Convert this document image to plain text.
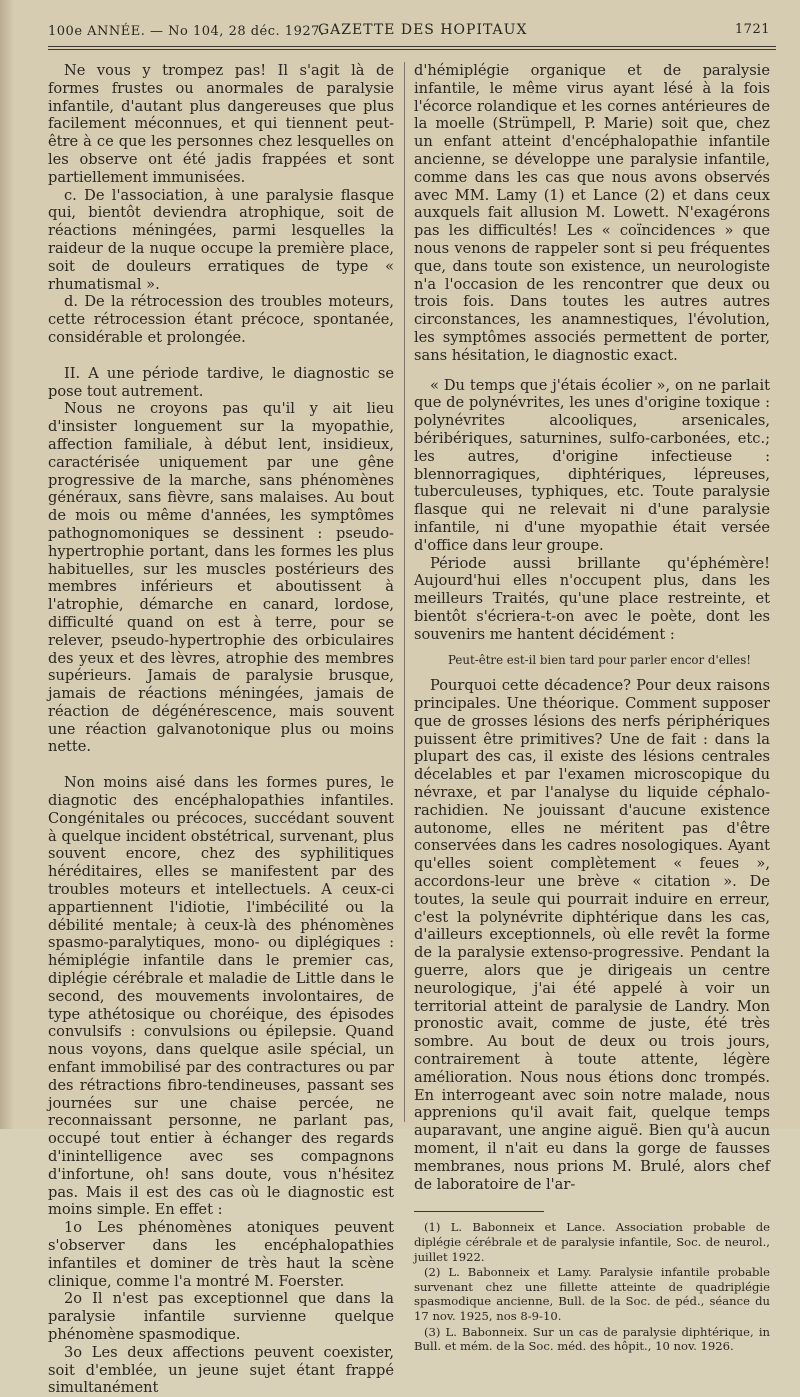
100e ANNÉE. — No 104, 28 déc. 1927.
GAZETTE DES HOPITAUX	1721

Ne vous y trompez pas! Il s'agit là de formes frustes ou anormales de paralysie infantile, d'autant plus dangereuses que plus facilement méconnues, et qui tiennent peut-être à ce que les personnes chez lesquelles on les observe ont été jadis frappées et sont partiellement immunisées.

c. De l'association, à une paralysie flasque qui, bientôt deviendra atrophique, soit de réactions méningées, parmi lesquelles la raideur de la nuque occupe la première place, soit de douleurs erratiques de type « rhumatismal ».

d. De la rétrocession des troubles moteurs, cette rétrocession étant précoce, spontanée, considérable et prolongée.

II. A une période tardive, le diagnostic se pose tout autrement.

Nous ne croyons pas qu'il y ait lieu d'insister longuement sur la myopathie, affection familiale, à début lent, insidieux, caractérisée uniquement par une gêne progressive de la marche, sans phénomènes généraux, sans fièvre, sans malaises. Au bout de mois ou même d'années, les symptômes pathognomoniques se dessinent : pseudo-hypertrophie portant, dans les formes les plus habituelles, sur les muscles postérieurs des membres inférieurs et aboutissent à l'atrophie, démarche en canard, lordose, difficulté quand on est à terre, pour se relever, pseudo-hypertrophie des orbiculaires des yeux et des lèvres, atrophie des membres supérieurs. Jamais de paralysie brusque, jamais de réactions méningées, jamais de réaction de dégénérescence, mais souvent une réaction galvanotonique plus ou moins nette.

Non moins aisé dans les formes pures, le diagnotic des encéphalopathies infantiles. Congénitales ou précoces, succédant souvent à quelque incident obstétrical, survenant, plus souvent encore, chez des syphilitiques héréditaires, elles se manifestent par des troubles moteurs et intellectuels. A ceux-ci appartiennent l'idiotie, l'imbécilité ou la débilité mentale; à ceux-là des phénomènes spasmo-paralytiques, mono- ou diplégiques : hémiplégie infantile dans le premier cas, diplégie cérébrale et maladie de Little dans le second, des mouvements involontaires, de type athétosique ou choréique, des épisodes convulsifs : convulsions ou épilepsie. Quand nous voyons, dans quelque asile spécial, un enfant immobilisé par des contractures ou par des rétractions fibro-tendineuses, passant ses journées sur une chaise percée, ne reconnaissant personne, ne parlant pas, occupé tout entier à échanger des regards d'inintelligence avec ses compagnons d'infortune, oh! sans doute, vous n'hésitez pas. Mais il est des cas où le diagnostic est moins simple. En effet :

1o Les phénomènes atoniques peuvent s'observer dans les encéphalopathies infantiles et dominer de très haut la scène clinique, comme l'a montré M. Foerster.

2o Il n'est pas exceptionnel que dans la paralysie infantile survienne quelque phénomène spasmodique.

3o Les deux affections peuvent coexister, soit d'emblée, un jeune sujet étant frappé simultanément

d'hémiplégie organique et de paralysie infantile, le même virus ayant lésé à la fois l'écorce rolandique et les cornes antérieures de la moelle (Strümpell, P. Marie) soit que, chez un enfant atteint d'encéphalopathie infantile ancienne, se développe une paralysie infantile, comme dans les cas que nous avons observés avec MM. Lamy (1) et Lance (2) et dans ceux auxquels fait allusion M. Lowett. N'exagérons pas les difficultés! Les « coïncidences » que nous venons de rappeler sont si peu fréquentes que, dans toute son existence, un neurologiste n'a l'occasion de les rencontrer que deux ou trois fois. Dans toutes les autres autres circonstances, les anamnestiques, l'évolution, les symptômes associés permettent de porter, sans hésitation, le diagnostic exact.

« Du temps que j'étais écolier », on ne parlait que de polynévrites, les unes d'origine toxique : polynévrites alcooliques, arsenicales, béribériques, saturnines, sulfo-carbonées, etc.; les autres, d'origine infectieuse : blennorragiques, diphtériques, lépreuses, tuberculeuses, typhiques, etc. Toute paralysie flasque qui ne relevait ni d'une paralysie infantile, ni d'une myopathie était versée d'office dans leur groupe.

Période aussi brillante qu'éphémère! Aujourd'hui elles n'occupent plus, dans les meilleurs Traités, qu'une place restreinte, et bientôt s'écriera-t-on avec le poète, dont les souvenirs me hantent décidément :

Peut-être est-il bien tard pour parler encor d'elles!

Pourquoi cette décadence? Pour deux raisons principales. Une théorique. Comment supposer que de grosses lésions des nerfs périphériques puissent être primitives? Une de fait : dans la plupart des cas, il existe des lésions centrales décelables et par l'examen microscopique du névraxe, et par l'analyse du liquide céphalo-rachidien. Ne jouissant d'aucune existence autonome, elles ne méritent pas d'être conservées dans les cadres nosologiques. Ayant qu'elles soient complètement « feues », accordons-leur une brève « citation ». De toutes, la seule qui pourrait induire en erreur, c'est la polynévrite diphtérique dans les cas, d'ailleurs exceptionnels, où elle revêt la forme de la paralysie extenso-progressive. Pendant la guerre, alors que je dirigeais un centre neurologique, j'ai été appelé à voir un territorial atteint de paralysie de Landry. Mon pronostic avait, comme de juste, été très sombre. Au bout de deux ou trois jours, contrairement à toute attente, légère amélioration. Nous nous étions donc trompés. En interrogeant avec soin notre malade, nous apprenions qu'il avait fait, quelque temps auparavant, une angine aiguë. Bien qu'à aucun moment, il n'ait eu dans la gorge de fausses membranes, nous prions M. Brulé, alors chef de laboratoire de l'ar-

(1) L. Babonneix et Lance. Association probable de diplégie cérébrale et de paralysie infantile, Soc. de neurol., juillet 1922.

(2) L. Babonneix et Lamy. Paralysie infantile probable survenant chez une fillette atteinte de quadriplégie spasmodique ancienne, Bull. de la Soc. de péd., séance du 17 nov. 1925, nos 8-9-10.

(3) L. Babonneix. Sur un cas de paralysie diphtérique, in Bull. et mém. de la Soc. méd. des hôpit., 10 nov. 1926.
